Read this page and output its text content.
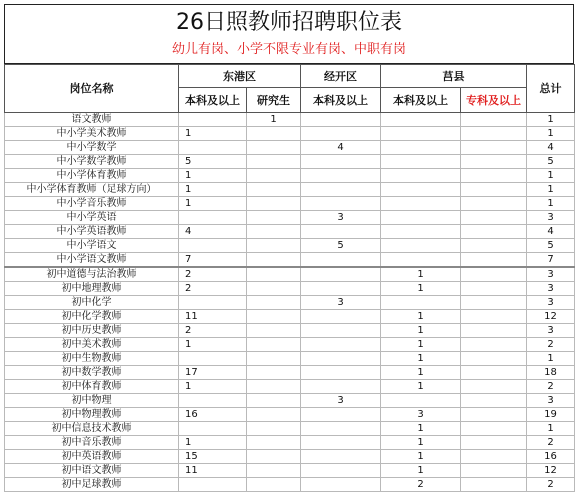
26日照教师招聘职位表
幼儿有岗、小学不限专业有岗、中职有岗
岗位名称	东港区		经开区	莒县		总计
	本科及以上	研究生	本科及以上	本科及以上	专科及以上	
语文教师		1				1
中小学美术教师	1					1
中小学数学			4			4
中小学数学教师	5					5
中小学体育教师	1					1
中小学体育教师（足球方向）	1					1
中小学音乐教师	1					1
中小学英语			3			3
中小学英语教师	4					4
中小学语文			5			5
中小学语文教师	7					7
初中道德与法治教师	2			1		3
初中地理教师	2			1		3
初中化学			3			3
初中化学教师	11			1		12
初中历史教师	2			1		3
初中美术教师	1			1		2
初中生物教师				1		1
初中数学教师	17			1		18
初中体育教师	1			1		2
初中物理			3			3
初中物理教师	16			3		19
初中信息技术教师				1		1
初中音乐教师	1			1		2
初中英语教师	15			1		16
初中语文教师	11			1		12
初中足球教师				2		2
